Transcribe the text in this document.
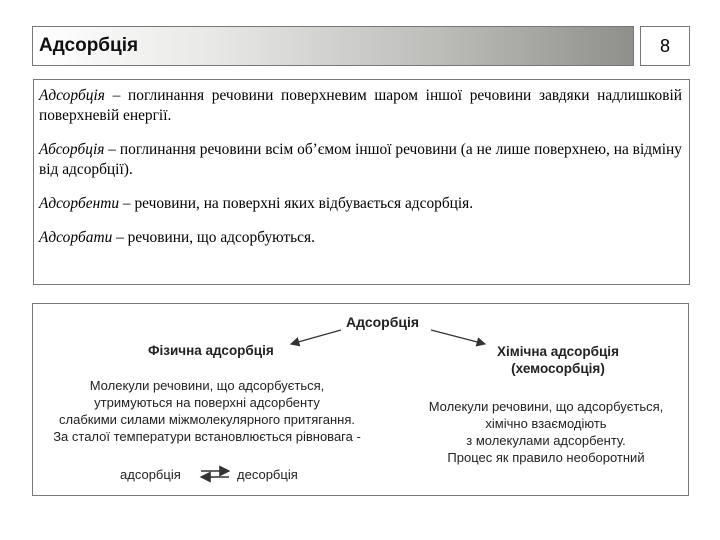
Адсорбція	8

Адсорбція – поглинання речовини поверхневим шаром іншої речовини завдяки надлишковій поверхневій енергії.

Абсорбція – поглинання речовини всім об’ємом іншої речовини (а не лише поверхнею, на відміну від адсорбції).

Адсорбенти – речовини, на поверхні яких відбувається адсорбція.

Адсорбати – речовини, що адсорбуються.

Адсорбція
Фізична адсорбція
Молекули речовини, що адсорбується,
утримуються на поверхні адсорбенту
слабкими силами міжмолекулярного притягання.
За сталої температури встановлюється рівновага -
адсорбція	десорбція
Хімічна адсорбція
(хемосорбція)
Молекули речовини, що адсорбується,
хімічно взаємодіють
з молекулами адсорбенту.
Процес як правило необоротний
